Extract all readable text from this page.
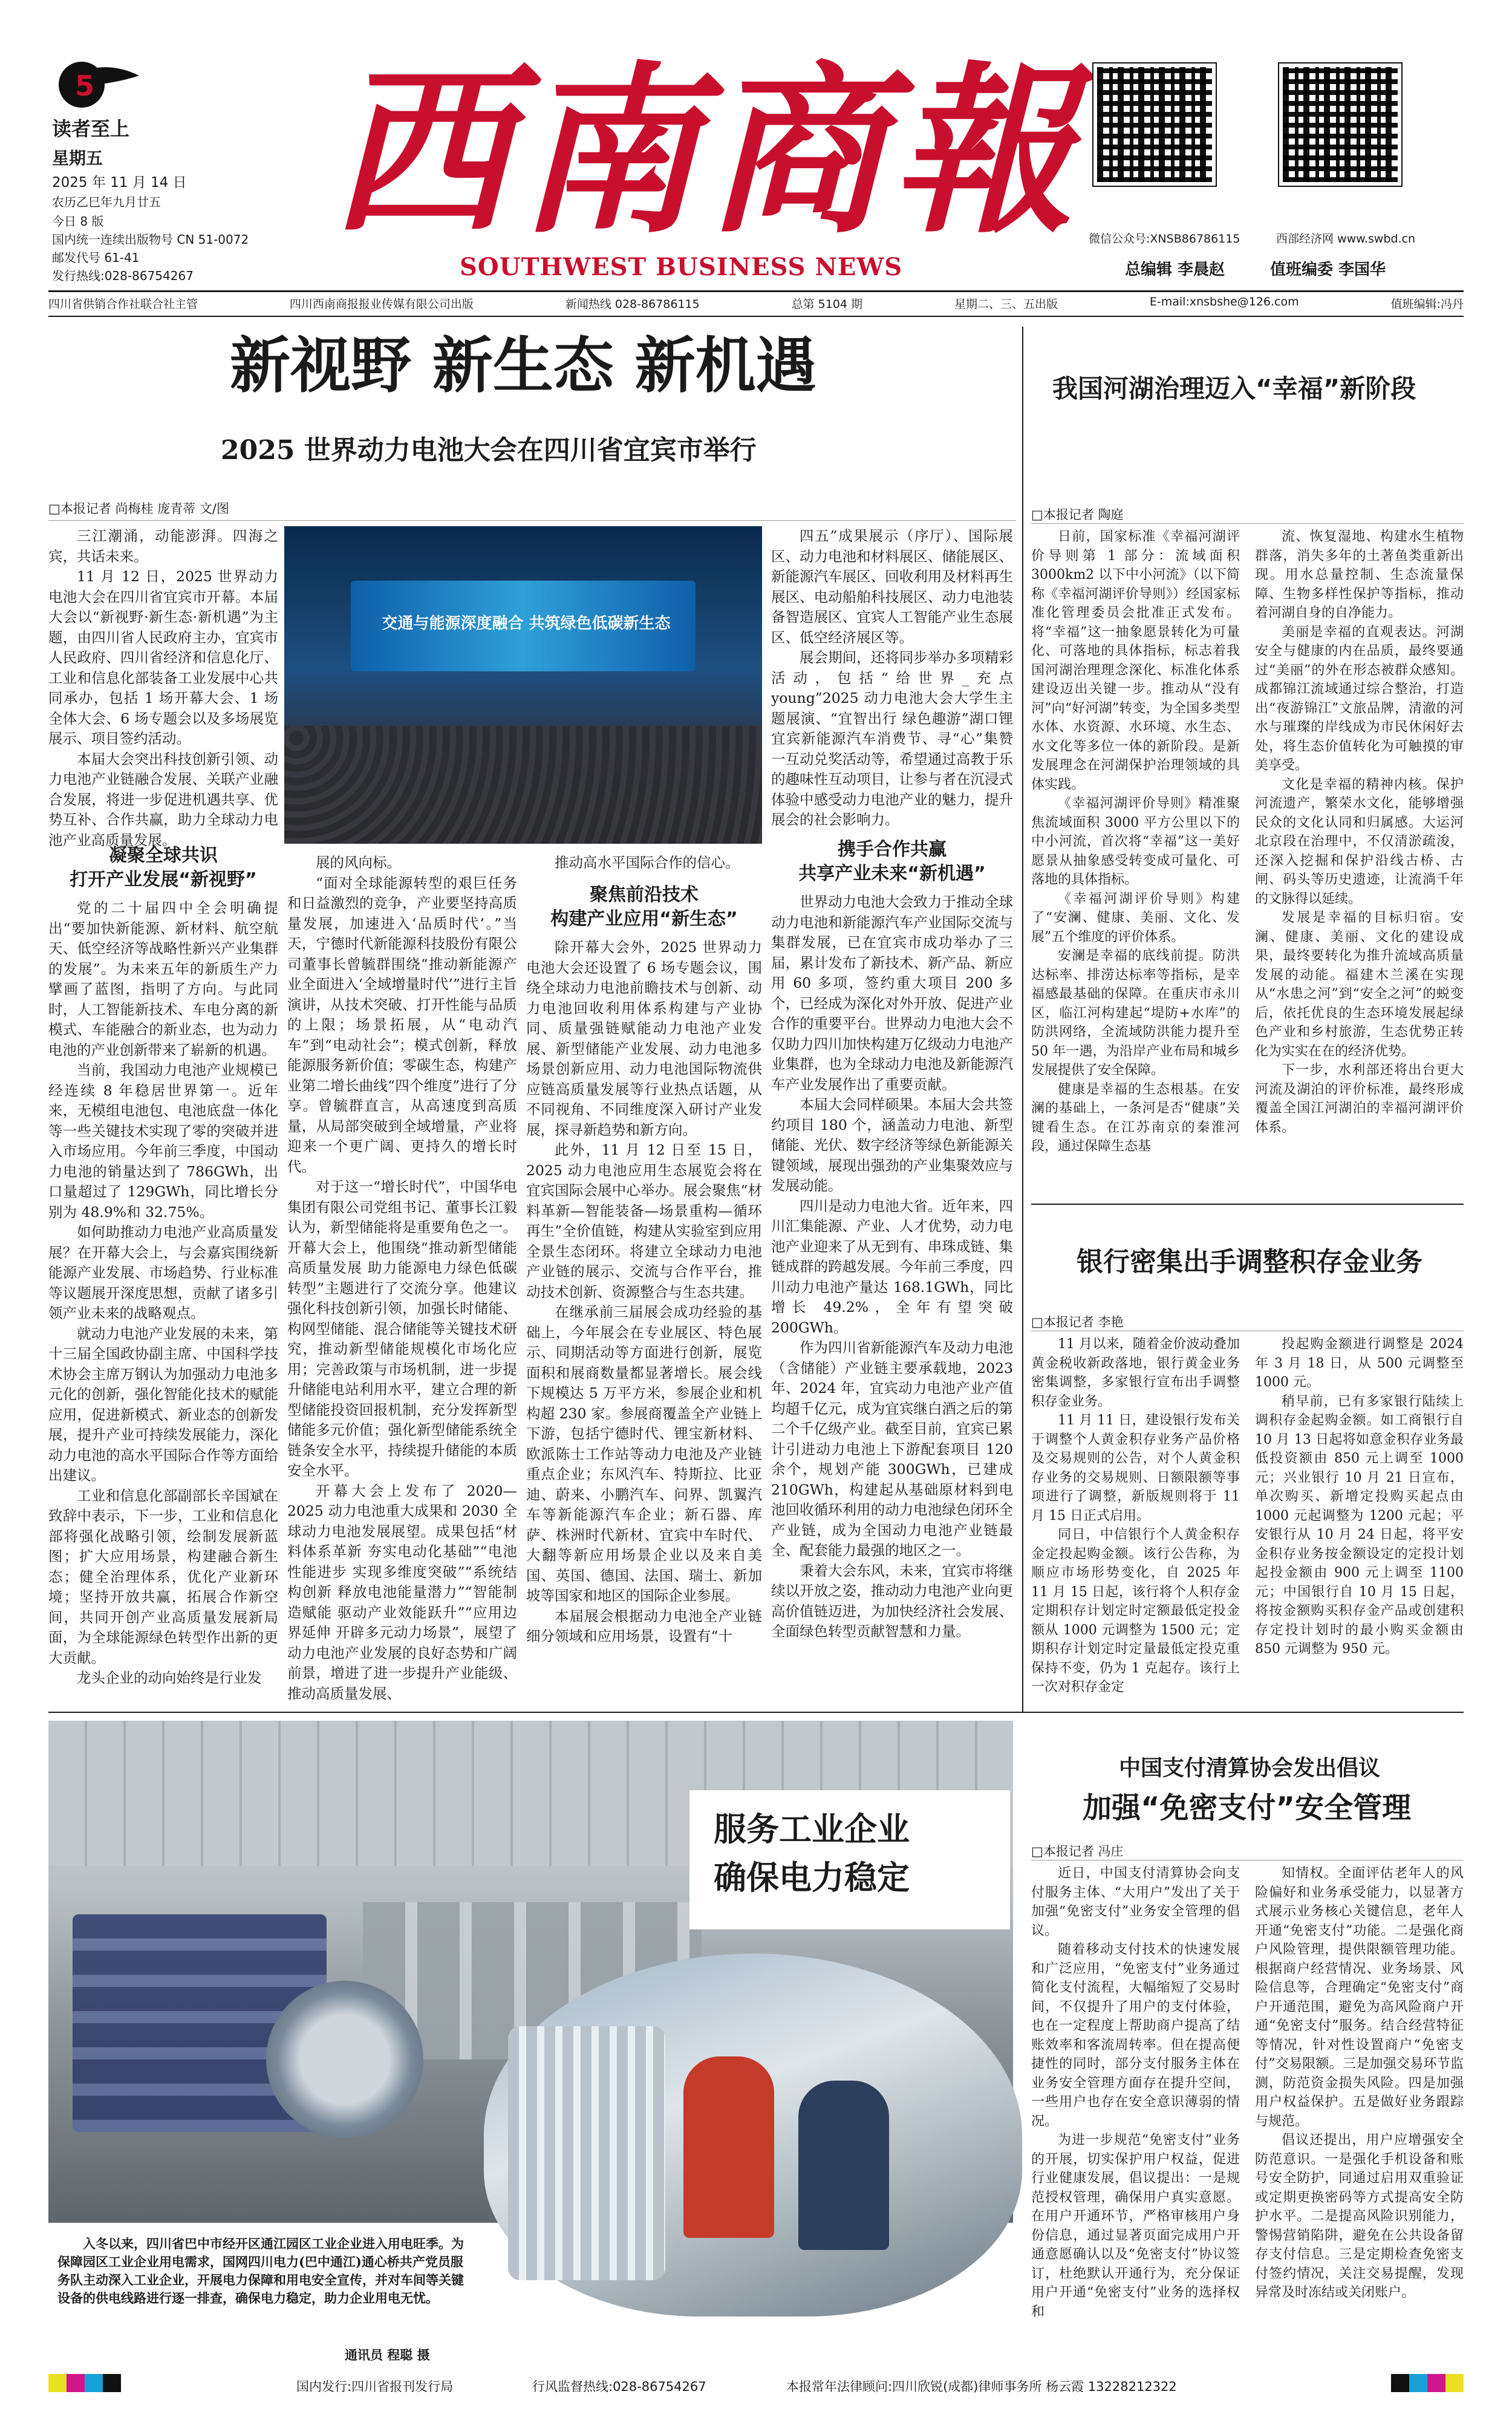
5
读者至上
星期五
2025 年 11 月 14 日
农历乙巳年九月廿五
今日 8 版
国内统一连续出版物号 CN 51-0072
邮发代号 61-41
发行热线:028-86754267
西南商報
SOUTHWEST BUSINESS NEWS
微信公众号:XNSB86786115	西部经济网 www.swbd.cn
总编辑 李晨赵	值班编委 李国华
四川省供销合作社联合社主管	四川西南商报报业传媒有限公司出版	新闻热线 028-86786115	总第 5104 期	星期二、三、五出版	E-mail:xnsbshe@126.com	值班编辑:冯丹
新视野 新生态 新机遇
2025 世界动力电池大会在四川省宜宾市举行
□本报记者 尚梅桂 庞青蒂 文/图

三江潮涌，动能澎湃。四海之宾，共话未来。

11 月 12 日，2025 世界动力电池大会在四川省宜宾市开幕。本届大会以“新视野·新生态·新机遇”为主题，由四川省人民政府主办，宜宾市人民政府、四川省经济和信息化厅、工业和信息化部装备工业发展中心共同承办，包括 1 场开幕大会、1 场全体大会、6 场专题会以及多场展览展示、项目签约活动。

本届大会突出科技创新引领、动力电池产业链融合发展、关联产业融合发展，将进一步促进机遇共享、优势互补、合作共赢，助力全球动力电池产业高质量发展。

交通与能源深度融合 共筑绿色低碳新生态

四五”成果展示（序厅）、国际展区、动力电池和材料展区、储能展区、新能源汽车展区、回收利用及材料再生展区、电动船舶科技展区、动力电池装备智造展区、宜宾人工智能产业生态展区、低空经济展区等。

展会期间，还将同步举办多项精彩活动，包括“给世界_充点 young”2025 动力电池大会大学生主题展演、“宜智出行 绿色趣游”湖口锂宜宾新能源汽车消费节、寻“心”集赞一互动兑奖活动等，希望通过高教于乐的趣味性互动项目，让参与者在沉浸式体验中感受动力电池产业的魅力，提升展会的社会影响力。

凝聚全球共识
打开产业发展“新视野”

党的二十届四中全会明确提出“要加快新能源、新材料、航空航天、低空经济等战略性新兴产业集群的发展”。为未来五年的新质生产力擘画了蓝图，指明了方向。与此同时，人工智能新技术、车电分离的新模式、车能融合的新业态，也为动力电池的产业创新带来了崭新的机遇。

当前，我国动力电池产业规模已经连续 8 年稳居世界第一。近年来，无模组电池包、电池底盘一体化等一些关键技术实现了零的突破并进入市场应用。今年前三季度，中国动力电池的销量达到了 786GWh，出口量超过了 129GWh，同比增长分别为 48.9%和 32.75%。

如何助推动力电池产业高质量发展？在开幕大会上，与会嘉宾围绕新能源产业发展、市场趋势、行业标准等议题展开深度思想，贡献了诸多引领产业未来的战略观点。

就动力电池产业发展的未来，第十三届全国政协副主席、中国科学技术协会主席万钢认为加强动力电池多元化的创新，强化智能化技术的赋能应用，促进新模式、新业态的创新发展，提升产业可持续发展能力，深化动力电池的高水平国际合作等方面给出建议。

工业和信息化部副部长辛国斌在致辞中表示，下一步，工业和信息化部将强化战略引领，绘制发展新蓝图；扩大应用场景，构建融合新生态；健全治理体系，优化产业新环境；坚持开放共赢，拓展合作新空间，共同开创产业高质量发展新局面，为全球能源绿色转型作出新的更大贡献。

龙头企业的动向始终是行业发

展的风向标。

“面对全球能源转型的艰巨任务和日益激烈的竞争，产业要坚持高质量发展，加速进入‘品质时代’。”当天，宁德时代新能源科技股份有限公司董事长曾毓群围绕“推动新能源产业全面进入‘全域增量时代’”进行主旨演讲，从技术突破、打开性能与品质的上限；场景拓展，从“电动汽车”到“电动社会”；模式创新，释放能源服务新价值；零碳生态，构建产业第二增长曲线“四个维度”进行了分享。曾毓群直言，从高速度到高质量，从局部突破到全域增量，产业将迎来一个更广阔、更持久的增长时代。

对于这一“增长时代”，中国华电集团有限公司党组书记、董事长江毅认为，新型储能将是重要角色之一。开幕大会上，他围绕“推动新型储能高质量发展 助力能源电力绿色低碳转型”主题进行了交流分享。他建议强化科技创新引领，加强长时储能、构网型储能、混合储能等关键技术研究，推动新型储能规模化市场化应用；完善政策与市场机制，进一步提升储能电站利用水平，建立合理的新型储能投资回报机制，充分发挥新型储能多元价值；强化新型储能系统全链条安全水平，持续提升储能的本质安全水平。

开幕大会上发布了 2020—2025 动力电池重大成果和 2030 全球动力电池发展展望。成果包括“材料体系革新 夯实电动化基础”“电池性能进步 实现多维度突破”“系统结构创新 释放电池能量潜力”“智能制造赋能 驱动产业效能跃升”“应用边界延伸 开辟多元动力场景”，展望了动力电池产业发展的良好态势和广阔前景，增进了进一步提升产业能级、推动高质量发展、

推动高水平国际合作的信心。

聚焦前沿技术
构建产业应用“新生态”

除开幕大会外，2025 世界动力电池大会还设置了 6 场专题会议，围绕全球动力电池前瞻技术与创新、动力电池回收利用体系构建与产业协同、质量强链赋能动力电池产业发展、新型储能产业发展、动力电池多场景创新应用、动力电池国际物流供应链高质量发展等行业热点话题，从不同视角、不同维度深入研讨产业发展，探寻新趋势和新方向。

此外，11 月 12 日至 15 日，2025 动力电池应用生态展览会将在宜宾国际会展中心举办。展会聚焦“材料革新—智能装备—场景重构—循环再生”全价值链，构建从实验室到应用全景生态闭环。将建立全球动力电池产业链的展示、交流与合作平台，推动技术创新、资源整合与生态共建。

在继承前三届展会成功经验的基础上，今年展会在专业展区、特色展示、同期活动等方面进行创新，展览面积和展商数量都显著增长。展会线下规模达 5 万平方米，参展企业和机构超 230 家。参展商覆盖全产业链上下游，包括宁德时代、锂宝新材料、欧派陈士工作站等动力电池及产业链重点企业；东风汽车、特斯拉、比亚迪、蔚来、小鹏汽车、问界、凯翼汽车等新能源汽车企业；新石器、库萨、株洲时代新材、宜宾中车时代、大翻等新应用场景企业以及来自美国、英国、德国、法国、瑞士、新加坡等国家和地区的国际企业参展。

本届展会根据动力电池全产业链细分领域和应用场景，设置有“十

携手合作共赢
共享产业未来“新机遇”

世界动力电池大会致力于推动全球动力电池和新能源汽车产业国际交流与集群发展，已在宜宾市成功举办了三届，累计发布了新技术、新产品、新应用 60 多项，签约重大项目 200 多个，已经成为深化对外开放、促进产业合作的重要平台。世界动力电池大会不仅助力四川加快构建万亿级动力电池产业集群，也为全球动力电池及新能源汽车产业发展作出了重要贡献。

本届大会同样硕果。本届大会共签约项目 180 个，涵盖动力电池、新型储能、光伏、数字经济等绿色新能源关键领域，展现出强劲的产业集聚效应与发展动能。

四川是动力电池大省。近年来，四川汇集能源、产业、人才优势，动力电池产业迎来了从无到有、串珠成链、集链成群的跨越发展。今年前三季度，四川动力电池产量达 168.1GWh，同比增长 49.2%，全年有望突破 200GWh。

作为四川省新能源汽车及动力电池（含储能）产业链主要承载地，2023 年、2024 年，宜宾动力电池产业产值均超千亿元，成为宜宾继白酒之后的第二个千亿级产业。截至目前，宜宾已累计引进动力电池上下游配套项目 120 余个，规划产能 300GWh，已建成 210GWh，构建起从基础原材料到电池回收循环利用的动力电池绿色闭环全产业链，成为全国动力电池产业链最全、配套能力最强的地区之一。

秉着大会东风，未来，宜宾市将继续以开放之姿，推动动力电池产业向更高价值链迈进，为加快经济社会发展、全面绿色转型贡献智慧和力量。

我国河湖治理迈入“幸福”新阶段
□本报记者 陶庭

日前，国家标准《幸福河湖评价导则第 1 部分：流域面积 3000km2 以下中小河流》（以下简称《幸福河湖评价导则》）经国家标准化管理委员会批准正式发布。将“幸福”这一抽象愿景转化为可量化、可落地的具体指标，标志着我国河湖治理理念深化、标准化体系建设迈出关键一步。推动从“没有河”向“好河湖”转变，为全国多类型水体、水资源、水环境、水生态、水文化等多位一体的新阶段。是新发展理念在河湖保护治理领域的具体实践。

《幸福河湖评价导则》精准聚焦流域面积 3000 平方公里以下的中小河流，首次将“幸福”这一美好愿景从抽象感受转变成可量化、可落地的具体指标。

《幸福河湖评价导则》构建了“安澜、健康、美丽、文化、发展”五个维度的评价体系。

安澜是幸福的底线前提。防洪达标率、排涝达标率等指标，是幸福感最基础的保障。在重庆市永川区，临江河构建起“堤防+水库”的防洪网络，全流域防洪能力提升至 50 年一遇，为沿岸产业布局和城乡发展提供了安全保障。

健康是幸福的生态根基。在安澜的基础上，一条河是否“健康”关键看生态。在江苏南京的秦淮河段，通过保障生态基

流、恢复湿地、构建水生植物群落，消失多年的土著鱼类重新出现。用水总量控制、生态流量保障、生物多样性保护等指标，推动着河湖自身的自净能力。

美丽是幸福的直观表达。河湖安全与健康的内在品质，最终要通过“美丽”的外在形态被群众感知。成都锦江流域通过综合整治，打造出“夜游锦江”文旅品牌，清澈的河水与璀璨的岸线成为市民休闲好去处，将生态价值转化为可触摸的审美享受。

文化是幸福的精神内核。保护河流遗产，繁荣水文化，能够增强民众的文化认同和归属感。大运河北京段在治理中，不仅清淤疏浚，还深入挖掘和保护沿线古桥、古闸、码头等历史遗迹，让流淌千年的文脉得以延续。

发展是幸福的目标归宿。安澜、健康、美丽、文化的建设成果，最终要转化为推升流域高质量发展的动能。福建木兰溪在实现从“水患之河”到“安全之河”的蜕变后，依托优良的生态环境发展起绿色产业和乡村旅游，生态优势正转化为实实在在的经济优势。

下一步，水利部还将出台更大河流及湖泊的评价标准，最终形成覆盖全国江河湖泊的幸福河湖评价体系。

银行密集出手调整积存金业务
□本报记者 李艳

11 月以来，随着金价波动叠加黄金税收新政落地，银行黄金业务密集调整，多家银行宣布出手调整积存金业务。

11 月 11 日，建设银行发布关于调整个人黄金积存业务产品价格及交易规则的公告，对个人黄金积存业务的交易规则、日额限额等事项进行了调整，新版规则将于 11 月 15 日正式启用。

同日，中信银行个人黄金积存金定投起购金额。该行公告称，为顺应市场形势变化，自 2025 年 11 月 15 日起，该行将个人积存金定期积存计划定时定额最低定投金额从 1000 元调整为 1500 元；定期积存计划定时定量最低定投克重保持不变，仍为 1 克起存。该行上一次对积存金定

投起购金额进行调整是 2024 年 3 月 18 日，从 500 元调整至 1000 元。

稍早前，已有多家银行陆续上调积存金起购金额。如工商银行自 10 月 13 日起将如意金积存业务最低投资额由 850 元上调至 1000 元；兴业银行 10 月 21 日宣布，单次购买、新增定投购买起点由 1000 元起调整为 1200 元起；平安银行从 10 月 24 日起，将平安金积存业务按金额设定的定投计划起投金额由 900 元上调至 1100 元；中国银行自 10 月 15 日起，将按金额购买积存金产品或创建积存定投计划时的最小购买金额由 850 元调整为 950 元。

服务工业企业
确保电力稳定
入冬以来，四川省巴中市经开区通江园区工业企业进入用电旺季。为保障园区工业企业用电需求，国网四川电力(巴中通江)通心桥共产党员服务队主动深入工业企业，开展电力保障和用电安全宣传，并对车间等关键设备的供电线路进行逐一排查，确保电力稳定，助力企业用电无忧。
通讯员 程聪 摄
中国支付清算协会发出倡议
加强“免密支付”安全管理
□本报记者 冯庄

近日，中国支付清算协会向支付服务主体、“大用户”发出了关于加强“免密支付”业务安全管理的倡议。

随着移动支付技术的快速发展和广泛应用，“免密支付”业务通过简化支付流程，大幅缩短了交易时间，不仅提升了用户的支付体验，也在一定程度上帮助商户提高了结账效率和客流周转率。但在提高便捷性的同时，部分支付服务主体在业务安全管理方面存在提升空间，一些用户也存在安全意识薄弱的情况。

为进一步规范“免密支付”业务的开展，切实保护用户权益，促进行业健康发展，倡议提出：一是规范授权管理，确保用户真实意愿。在用户开通环节，严格审核用户身份信息，通过显著页面完成用户开通意愿确认以及“免密支付”协议签订，杜绝默认开通行为，充分保证用户开通“免密支付”业务的选择权和

知情权。全面评估老年人的风险偏好和业务承受能力，以显著方式展示业务核心关键信息，老年人开通“免密支付”功能。二是强化商户风险管理，提供限额管理功能。根据商户经营情况、业务场景、风险信息等，合理确定“免密支付”商户开通范围，避免为高风险商户开通“免密支付”服务。结合经营特征等情况，针对性设置商户“免密支付”交易限额。三是加强交易环节监测，防范资金损失风险。四是加强用户权益保护。五是做好业务跟踪与规范。

倡议还提出，用户应增强安全防范意识。一是强化手机设备和账号安全防护，同通过启用双重验证或定期更换密码等方式提高安全防护水平。二是提高风险识别能力，警惕营销陷阱，避免在公共设备留存支付信息。三是定期检查免密支付签约情况，关注交易提醒，发现异常及时冻结或关闭账户。

国内发行:四川省报刊发行局	行风监督热线:028-86754267	本报常年法律顾问:四川欣锐(成都)律师事务所 杨云霞 13228212322
